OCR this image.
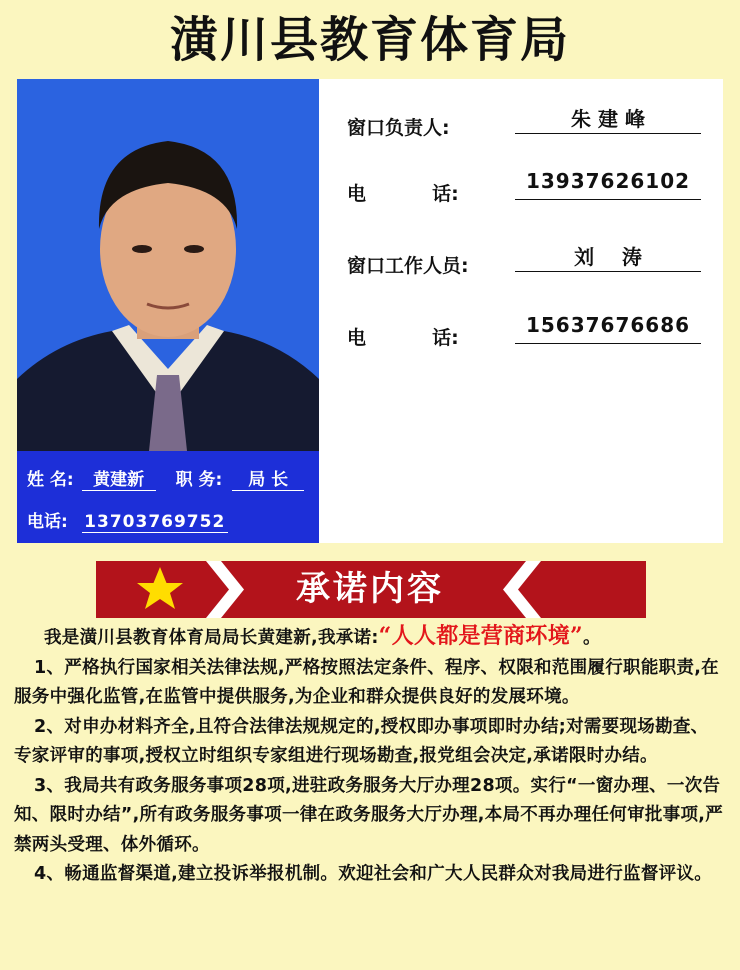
潢川县教育体育局
姓 名: 黄建新 职 务: 局 长
电话: 13703769752
窗口负责人:	朱 建 峰
电          话:
13937626102
窗口工作人员:	刘    涛
电          话:
15637676686
承诺内容

我是潢川县教育体育局局长黄建新,我承诺:“人人都是营商环境”。

1、严格执行国家相关法律法规,严格按照法定条件、程序、权限和范围履行职能职责,在服务中强化监管,在监管中提供服务,为企业和群众提供良好的发展环境。

2、对申办材料齐全,且符合法律法规规定的,授权即办事项即时办结;对需要现场勘查、专家评审的事项,授权立时组织专家组进行现场勘查,报党组会决定,承诺限时办结。

3、我局共有政务服务事项28项,进驻政务服务大厅办理28项。实行“一窗办理、一次告知、限时办结”,所有政务服务事项一律在政务服务大厅办理,本局不再办理任何审批事项,严禁两头受理、体外循环。

4、畅通监督渠道,建立投诉举报机制。欢迎社会和广大人民群众对我局进行监督评议。
